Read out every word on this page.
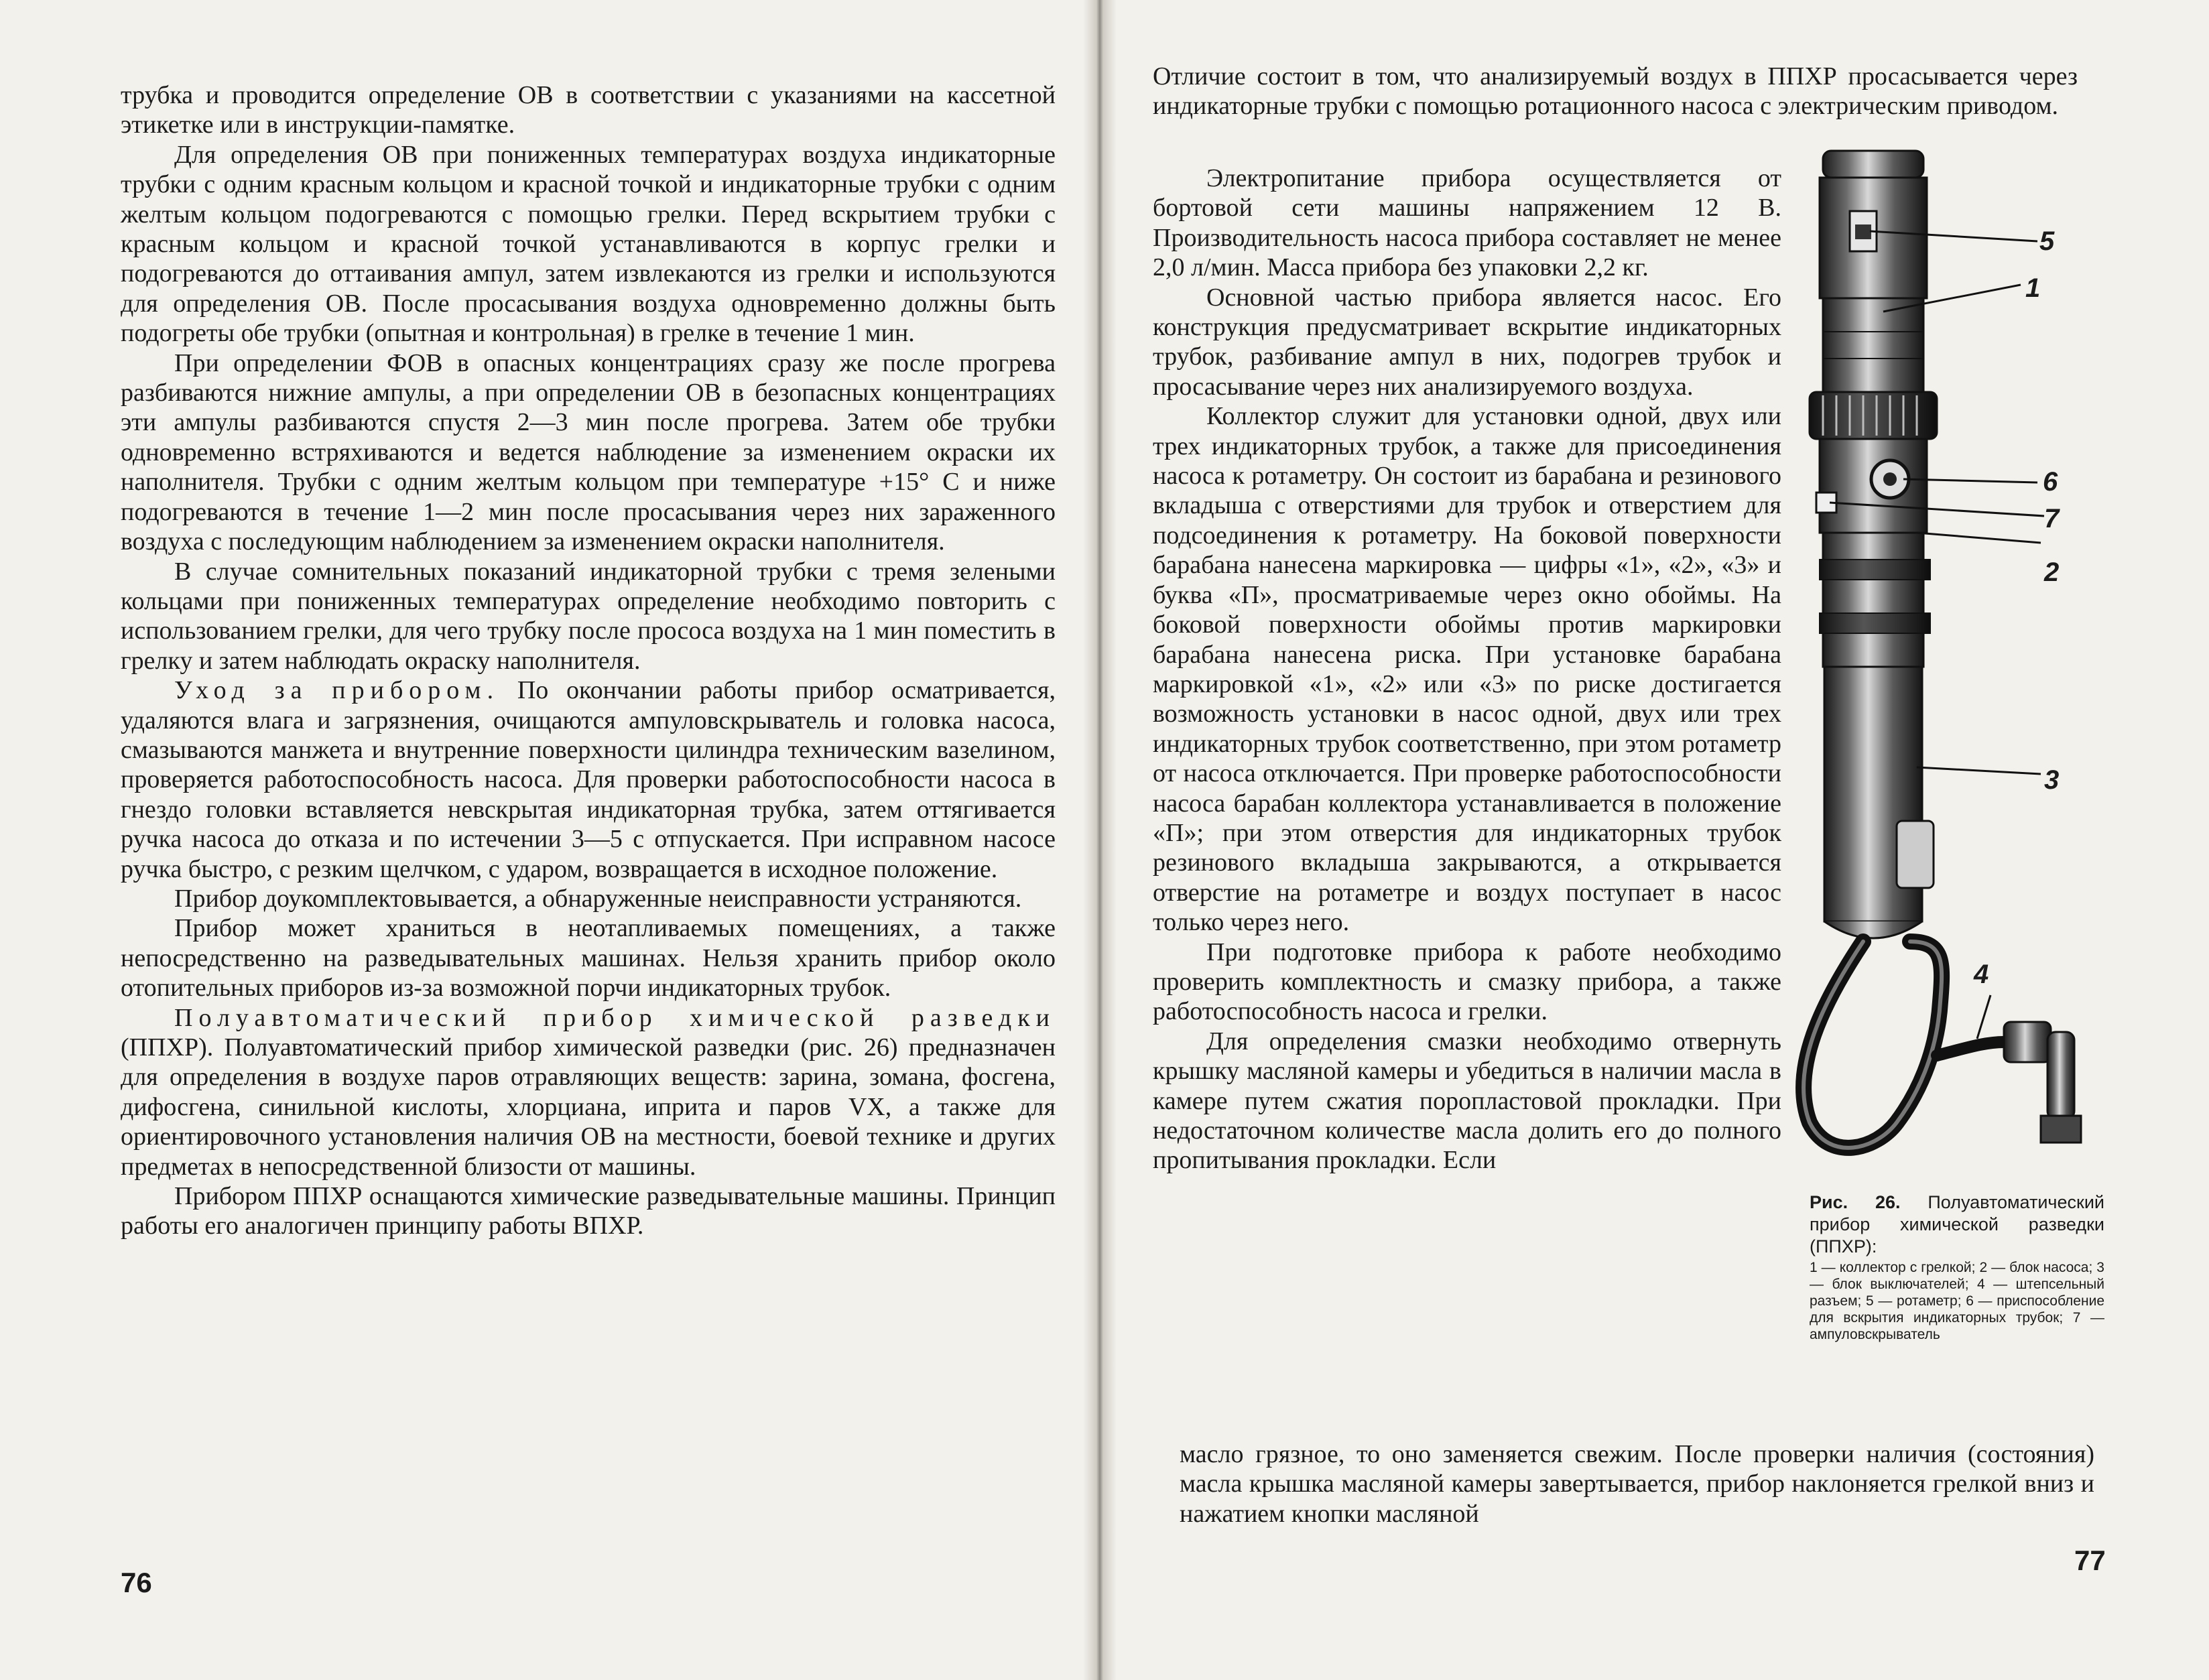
трубка и проводится определение ОВ в соответствии с указаниями на кассетной этикетке или в инструкции-памятке.

Для определения ОВ при пониженных температурах воздуха индикаторные трубки с одним красным кольцом и красной точкой и индикаторные трубки с одним желтым кольцом подогреваются с помощью грелки. Перед вскрытием трубки с красным кольцом и красной точкой устанавливаются в корпус грелки и подогреваются до оттаивания ампул, затем извлекаются из грелки и используются для определения ОВ. После просасывания воздуха одновременно должны быть подогреты обе трубки (опытная и контрольная) в грелке в течение 1 мин.

При определении ФОВ в опасных концентрациях сразу же после прогрева разбиваются нижние ампулы, а при определении ОВ в безопасных концентрациях эти ампулы разбиваются спустя 2—3 мин после прогрева. Затем обе трубки одновременно встряхиваются и ведется наблюдение за изменением окраски их наполнителя. Трубки с одним желтым кольцом при температуре +15° С и ниже подогреваются в течение 1—2 мин после просасывания через них зараженного воздуха с последующим наблюдением за изменением окраски наполнителя.

В случае сомнительных показаний индикаторной трубки с тремя зелеными кольцами при пониженных температурах определение необходимо повторить с использованием грелки, для чего трубку после прососа воздуха на 1 мин поместить в грелку и затем наблюдать окраску наполнителя.

Уход за прибором. По окончании работы прибор осматривается, удаляются влага и загрязнения, очищаются ампуловскрыватель и головка насоса, смазываются манжета и внутренние поверхности цилиндра техническим вазелином, проверяется работоспособность насоса. Для проверки работоспособности насоса в гнездо головки вставляется невскрытая индикаторная трубка, затем оттягивается ручка насоса до отказа и по истечении 3—5 с отпускается. При исправном насосе ручка быстро, с резким щелчком, с ударом, возвращается в исходное положение.

Прибор доукомплектовывается, а обнаруженные неисправности устраняются.

Прибор может храниться в неотапливаемых помещениях, а также непосредственно на разведывательных машинах. Нельзя хранить прибор около отопительных приборов из-за возможной порчи индикаторных трубок.

Полуавтоматический прибор химической разведки (ППХР). Полуавтоматический прибор химической разведки (рис. 26) предназначен для определения в воздухе паров отравляющих веществ: зарина, зомана, фосгена, дифосгена, синильной кислоты, хлорциана, иприта и паров VX, а также для ориентировочного установления наличия ОВ на местности, боевой технике и других предметах в непосредственной близости от машины.

Прибором ППХР оснащаются химические разведывательные машины. Принцип работы его аналогичен принципу работы ВПХР.

76

Отличие состоит в том, что анализируемый воздух в ППХР просасывается через индикаторные трубки с помощью ротационного насоса с электрическим приводом.

Электропитание прибора осуществляется от бортовой сети машины напряжением 12 В. Производительность насоса прибора составляет не менее 2,0 л/мин. Масса прибора без упаковки 2,2 кг.

Основной частью прибора является насос. Его конструкция предусматривает вскрытие индикаторных трубок, разбивание ампул в них, подогрев трубок и просасывание через них анализируемого воздуха.

Коллектор служит для установки одной, двух или трех индикаторных трубок, а также для присоединения насоса к ротаметру. Он состоит из барабана и резинового вкладыша с отверстиями для трубок и отверстием для подсоединения к ротаметру. На боковой поверхности барабана нанесена маркировка — цифры «1», «2», «3» и буква «П», просматриваемые через окно обоймы. На боковой поверхности обоймы против маркировки барабана нанесена риска. При установке барабана маркировкой «1», «2» или «3» по риске достигается возможность установки в насос одной, двух или трех индикаторных трубок соответственно, при этом ротаметр от насоса отключается. При проверке работоспособности насоса барабан коллектора устанавливается в положение «П»; при этом отверстия для индикаторных трубок резинового вкладыша закрываются, а открывается отверстие на ротаметре и воздух поступает в насос только через него.

При подготовке прибора к работе необходимо проверить комплектность и смазку прибора, а также работоспособность насоса и грелки.

Для определения смазки необходимо отвернуть крышку масляной камеры и убедиться в наличии масла в камере путем сжатия поропластовой прокладки. При недостаточном количестве масла долить его до полного пропитывания прокладки. Если

масло грязное, то оно заменяется свежим. После проверки наличия (состояния) масла крышка масляной камеры завертывается, прибор наклоняется грелкой вниз и нажатием кнопки масляной

77
5
1
6
7
2
3
4
Рис. 26. Полуавтоматический прибор химической разведки (ППХР):
1 — коллектор с грелкой; 2 — блок насоса; 3 — блок выключателей; 4 — штепсельный разъем; 5 — ротаметр; 6 — приспособление для вскрытия индикаторных трубок; 7 — ампуловскрыватель
